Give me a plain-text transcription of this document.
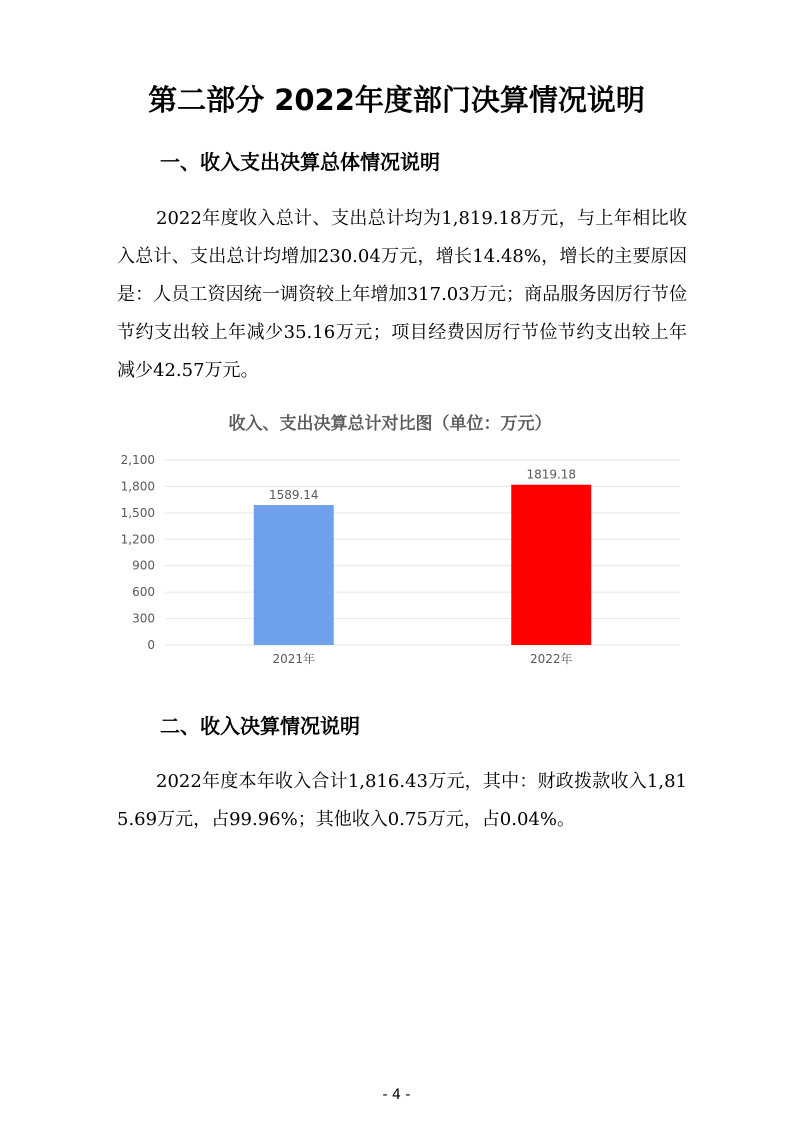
第二部分 2022年度部门决算情况说明
一、收入支出决算总体情况说明

2022年度收入总计、支出总计均为1,819.18万元，与上年相比收入总计、支出总计均增加230.04万元，增长14.48%，增长的主要原因是：人员工资因统一调资较上年增加317.03万元；商品服务因厉行节俭节约支出较上年减少35.16万元；项目经费因厉行节俭节约支出较上年减少42.57万元。

收入、支出决算总计对比图（单位：万元）
0
300
600
900
1,200
1,500
1,800
2,100
1589.14
1819.18
2021年	2022年
二、收入决算情况说明

2022年度本年收入合计1,816.43万元，其中：财政拨款收入1,815.69万元，占99.96%；其他收入0.75万元，占0.04%。

- 4 -
